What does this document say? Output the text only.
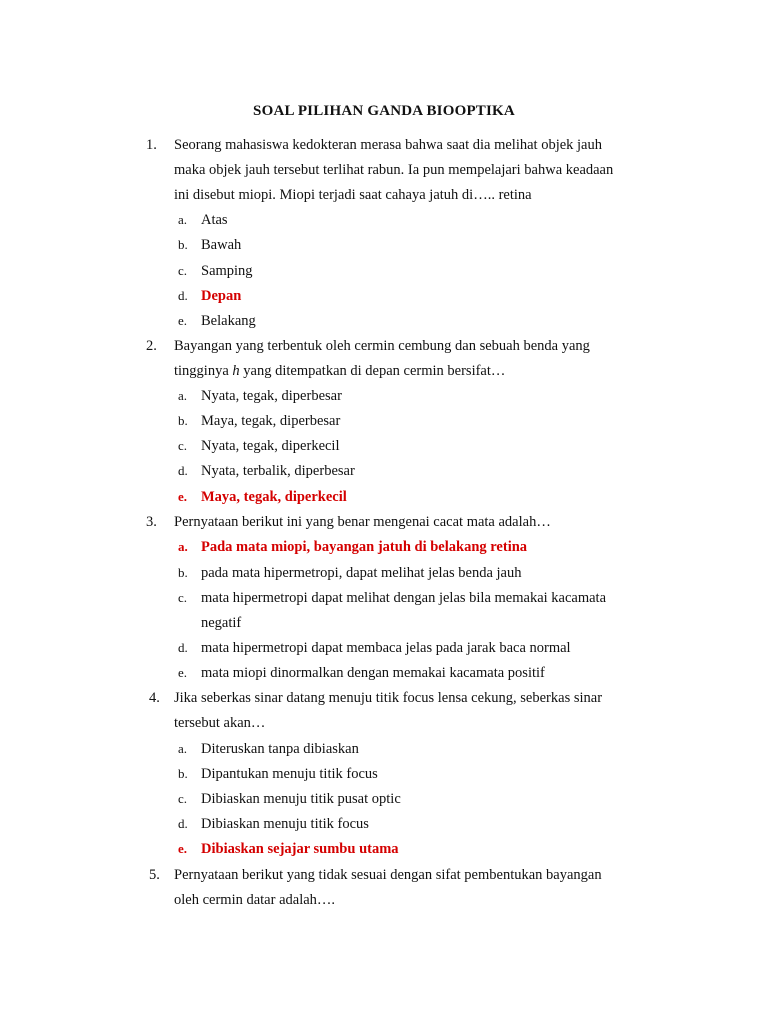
SOAL PILIHAN GANDA BIOOPTIKA
1. Seorang mahasiswa kedokteran merasa bahwa saat dia melihat objek jauh
maka objek jauh tersebut terlihat rabun. Ia pun mempelajari bahwa keadaan
ini disebut miopi. Miopi terjadi saat cahaya jatuh di….. retina
a. Atas
b. Bawah
c. Samping
d. Depan
e. Belakang
2. Bayangan yang terbentuk oleh cermin cembung dan sebuah benda yang
tingginya h yang ditempatkan di depan cermin bersifat…
a. Nyata, tegak, diperbesar
b. Maya, tegak, diperbesar
c. Nyata, tegak, diperkecil
d. Nyata, terbalik, diperbesar
e. Maya, tegak, diperkecil
3. Pernyataan berikut ini yang benar mengenai cacat mata adalah…
a. Pada mata miopi, bayangan jatuh di belakang retina
b. pada mata hipermetropi, dapat melihat jelas benda jauh
c. mata hipermetropi dapat melihat dengan jelas bila memakai kacamata
negatif
d. mata hipermetropi dapat membaca jelas pada jarak baca normal
e. mata miopi dinormalkan dengan memakai kacamata positif
4. Jika seberkas sinar datang menuju titik focus lensa cekung, seberkas sinar
tersebut akan…
a. Diteruskan tanpa dibiaskan
b. Dipantukan menuju titik focus
c. Dibiaskan menuju titik pusat optic
d. Dibiaskan menuju titik focus
e. Dibiaskan sejajar sumbu utama
5. Pernyataan berikut yang tidak sesuai dengan sifat pembentukan bayangan
oleh cermin datar adalah….
